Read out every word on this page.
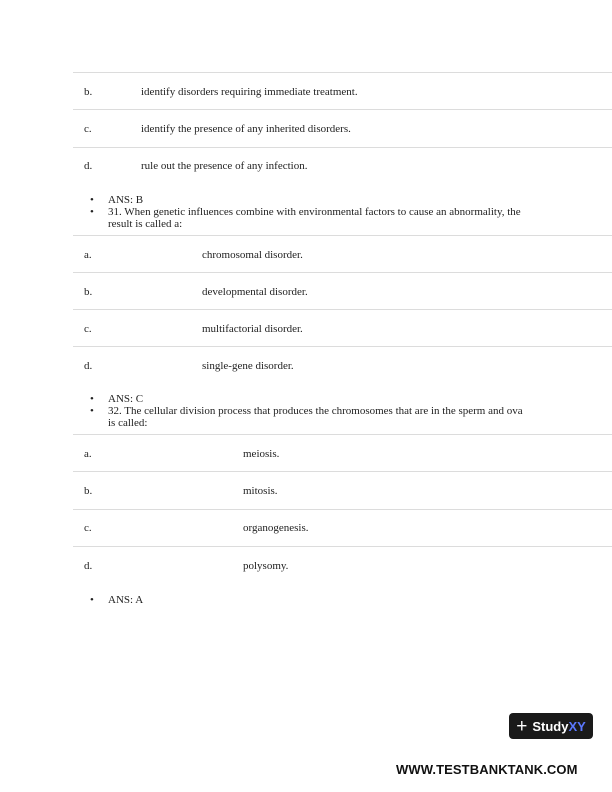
b.	identify disorders requiring immediate treatment.
c.	identify the presence of any inherited disorders.
d.	rule out the presence of any infection.
• ANS: B
• 31. When genetic influences combine with environmental factors to cause an abnormality, the result is called a:
a.	chromosomal disorder.
b.	developmental disorder.
c.	multifactorial disorder.
d.	single-gene disorder.
• ANS: C
• 32. The cellular division process that produces the chromosomes that are in the sperm and ova is called:
a.	meiosis.
b.	mitosis.
c.	organogenesis.
d.	polysomy.
• ANS: A
+ Study XY
WWW.TESTBANKTANK.COM
